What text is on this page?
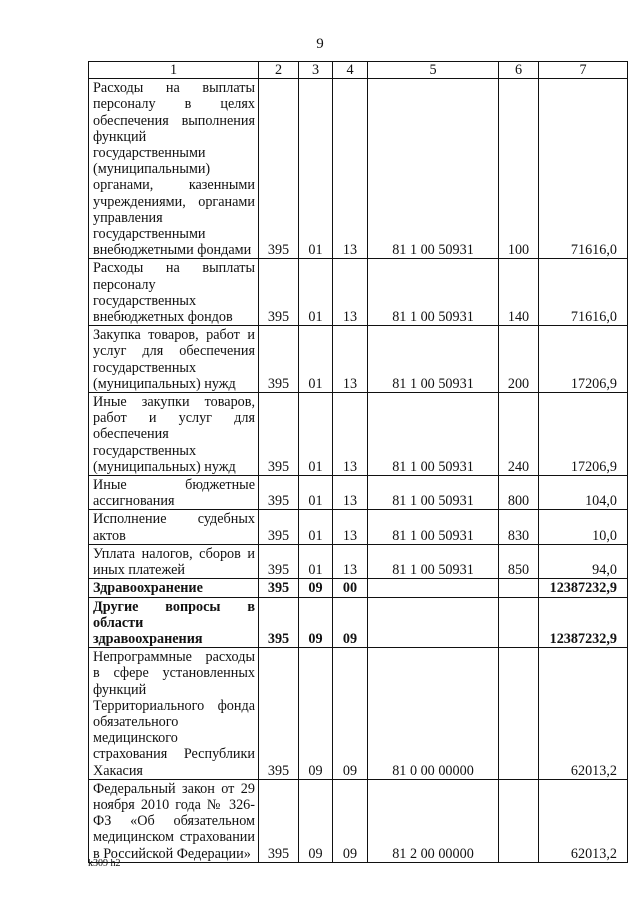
9
1	2	3	4	5	6	7
Расходы на выплаты персоналу в целях обеспечения выполнения функций государственными (муниципальными) органами, казенными учреждениями, органами управления государственными внебюджетными фондами	395	01	13	81 1 00 50931	100	71616,0
Расходы на выплаты персоналу государственных внебюджетных фондов	395	01	13	81 1 00 50931	140	71616,0
Закупка товаров, работ и услуг для обеспечения государственных (муниципальных) нужд	395	01	13	81 1 00 50931	200	17206,9
Иные закупки товаров, работ и услуг для обеспечения государственных (муниципальных) нужд	395	01	13	81 1 00 50931	240	17206,9
Иные бюджетные ассигнования	395	01	13	81 1 00 50931	800	104,0
Исполнение судебных актов	395	01	13	81 1 00 50931	830	10,0
Уплата налогов, сборов и иных платежей	395	01	13	81 1 00 50931	850	94,0
Здравоохранение	395	09	00			12387232,9
Другие вопросы в области здравоохранения	395	09	09			12387232,9
Непрограммные расходы в сфере установленных функций Территориального фонда обязательного медицинского страхования Республики Хакасия	395	09	09	81 0 00 00000		62013,2
Федеральный закон от 29 ноября 2010 года № 326-ФЗ «Об обязательном медицинском страховании в Российской Федерации»	395	09	09	81 2 00 00000		62013,2
k309 h2
